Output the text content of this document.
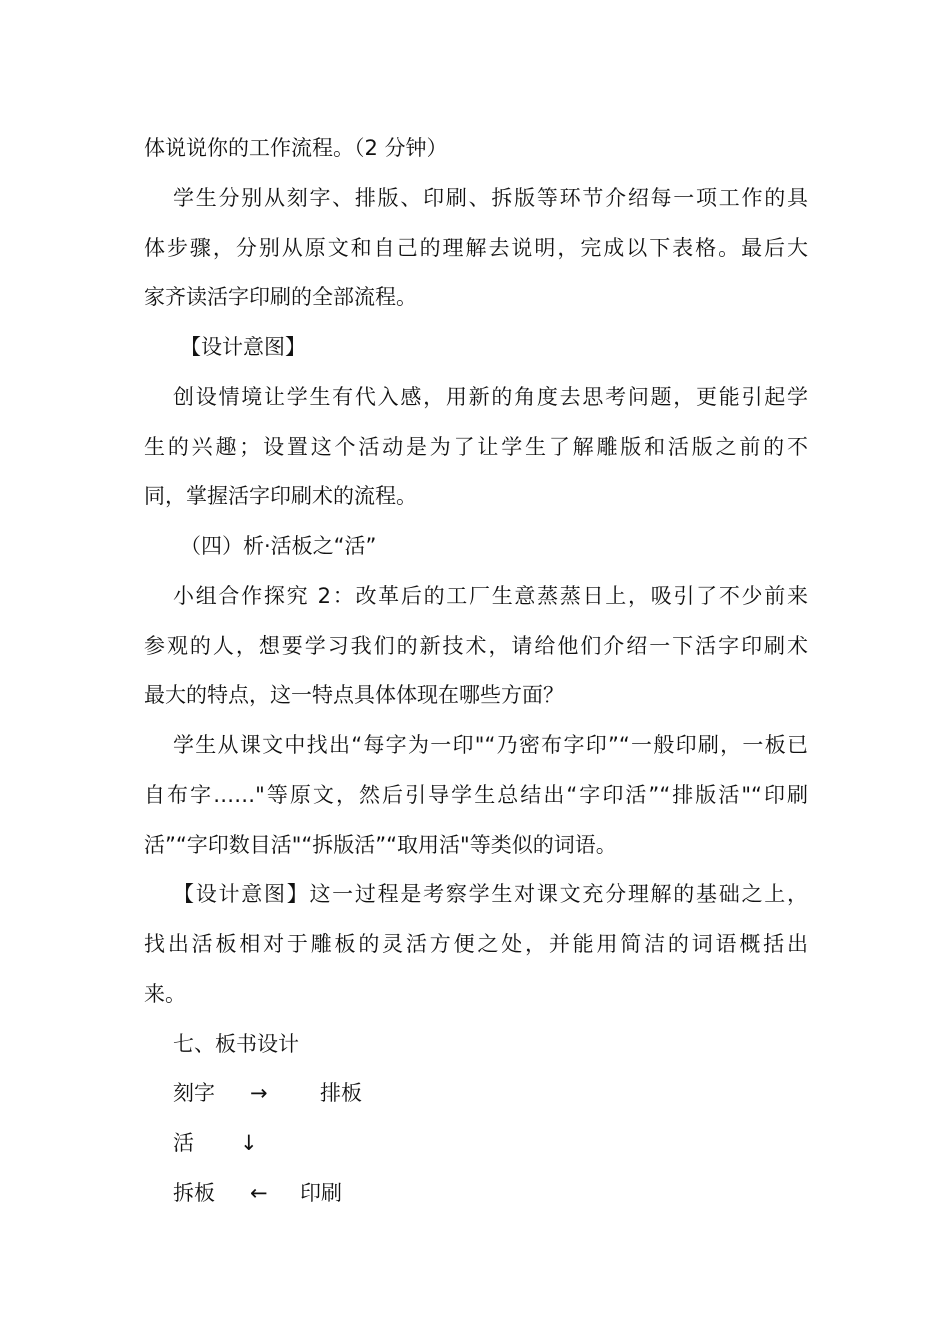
体说说你的工作流程。（2 分钟）
学生分别从刻字、排版、印刷、拆版等环节介绍每一项工作的具
体步骤，分别从原文和自己的理解去说明，完成以下表格。最后大
家齐读活字印刷的全部流程。
【设计意图】
创设情境让学生有代入感，用新的角度去思考问题，更能引起学
生的兴趣；设置这个活动是为了让学生了解雕版和活版之前的不
同，掌握活字印刷术的流程。
（四）析·活板之“活”
小组合作探究 2：改革后的工厂生意蒸蒸日上，吸引了不少前来
参观的人，想要学习我们的新技术，请给他们介绍一下活字印刷术
最大的特点，这一特点具体体现在哪些方面？
学生从课文中找出“每字为一印"“乃密布字印”“一般印刷，一板已
自布字……"等原文，然后引导学生总结出“字印活”“排版活"“印刷
活”“字印数目活"“拆版活”“取用活"等类似的词语。
【设计意图】这一过程是考察学生对课文充分理解的基础之上，
找出活板相对于雕板的灵活方便之处，并能用简洁的词语概括出
来。
七、板书设计
刻字 → 排板
活 ↓
拆板 ← 印刷
